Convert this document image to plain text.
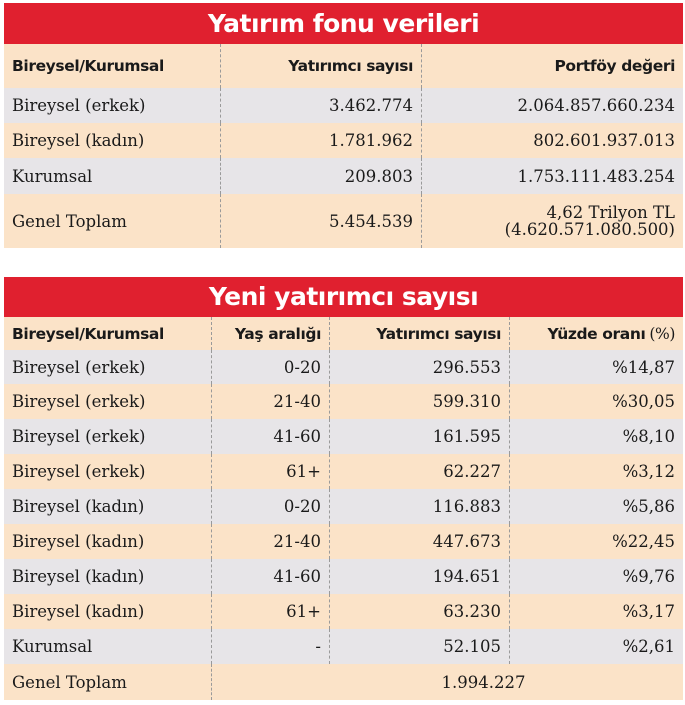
Yatırım fonu verileri
Bireysel/Kurumsal	Yatırımcı sayısı	Portföy değeri
Bireysel (erkek)	3.462.774	2.064.857.660.234
Bireysel (kadın)	1.781.962	802.601.937.013
Kurumsal	209.803	1.753.111.483.254
Genel Toplam	5.454.539	4,62 Trilyon TL
(4.620.571.080.500)
Yeni yatırımcı sayısı
Bireysel/Kurumsal	Yaş aralığı	Yatırımcı sayısı	Yüzde oranı (%)
Bireysel (erkek)	0-20	296.553	%14,87
Bireysel (erkek)	21-40	599.310	%30,05
Bireysel (erkek)	41-60	161.595	%8,10
Bireysel (erkek)	61+	62.227	%3,12
Bireysel (kadın)	0-20	116.883	%5,86
Bireysel (kadın)	21-40	447.673	%22,45
Bireysel (kadın)	41-60	194.651	%9,76
Bireysel (kadın)	61+	63.230	%3,17
Kurumsal	-	52.105	%2,61
Genel Toplam	1.994.227
